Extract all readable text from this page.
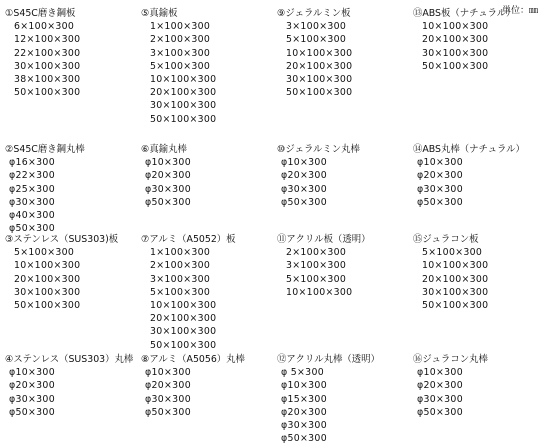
単位：㎜
①S45C磨き鋼板
6×100×300
12×100×300
22×100×300
30×100×300
38×100×300
50×100×300
②S45C磨き鋼丸棒
φ16×300
φ22×300
φ25×300
φ30×300
φ40×300
φ50×300
③ステンレス（SUS303)板
5×100×300
10×100×300
20×100×300
30×100×300
50×100×300
④ステンレス（SUS303）丸棒
φ10×300
φ20×300
φ30×300
φ50×300
⑤真鍮板
1×100×300
2×100×300
3×100×300
5×100×300
10×100×300
20×100×300
30×100×300
50×100×300
⑥真鍮丸棒
φ10×300
φ20×300
φ30×300
φ50×300
⑦アルミ（A5052）板
1×100×300
2×100×300
3×100×300
5×100×300
10×100×300
20×100×300
30×100×300
50×100×300
⑧アルミ（A5056）丸棒
φ10×300
φ20×300
φ30×300
φ50×300
⑨ジェラルミン板
3×100×300
5×100×300
10×100×300
20×100×300
30×100×300
50×100×300
⑩ジェラルミン丸棒
φ10×300
φ20×300
φ30×300
φ50×300
⑪アクリル板（透明）
2×100×300
3×100×300
5×100×300
10×100×300
⑫アクリル丸棒（透明）
φ 5×300
φ10×300
φ15×300
φ20×300
φ30×300
φ50×300
⑬ABS板（ナチュラル）
10×100×300
20×100×300
30×100×300
50×100×300
⑭ABS丸棒（ナチュラル）
φ10×300
φ20×300
φ30×300
φ50×300
⑮ジュラコン板
5×100×300
10×100×300
20×100×300
30×100×300
50×100×300
⑯ジュラコン丸棒
φ10×300
φ20×300
φ30×300
φ50×300
